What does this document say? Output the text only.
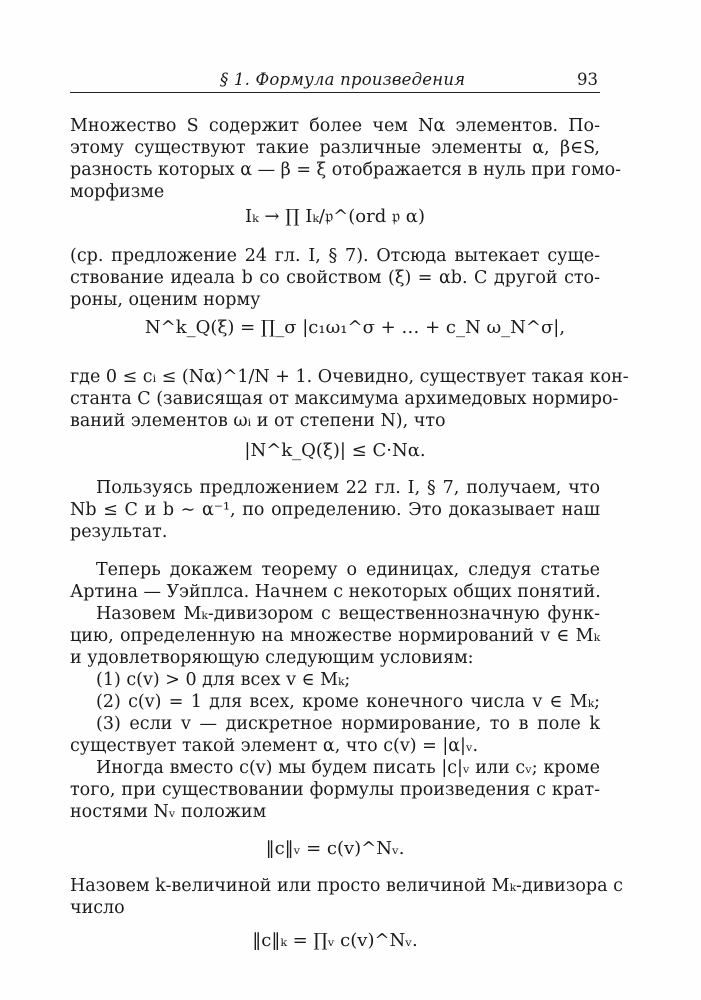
§ 1. Формула произведения	93
Множество S содержит более чем Nα элементов. По-
этому существуют такие различные элементы α, β∈S,
разность которых α — β = ξ отображается в нуль при гомо-
морфизме
Iₖ → ∏ Iₖ/𝔭^(ord 𝔭 α)
(ср. предложение 24 гл. I, § 7). Отсюда вытекает суще-
ствование идеала b со свойством (ξ) = αb. С другой сто-
роны, оценим норму
N^k_Q(ξ) = ∏_σ |c₁ω₁^σ + … + c_N ω_N^σ|,
где 0 ≤ cᵢ ≤ (Nα)^1/N + 1. Очевидно, существует такая кон-
станта C (зависящая от максимума архимедовых нормиро-
ваний элементов ωᵢ и от степени N), что
|N^k_Q(ξ)| ≤ C·Nα.
Пользуясь предложением 22 гл. I, § 7, получаем, что
Nb ≤ C и b ∼ α⁻¹, по определению. Это доказывает наш
результат.
Теперь докажем теорему о единицах, следуя статье
Артина — Уэйплса. Начнем с некоторых общих понятий.
Назовем Mₖ-дивизором c вещественнозначную функ-
цию, определенную на множестве нормирований v ∈ Mₖ
и удовлетворяющую следующим условиям:
(1) c(v) > 0 для всех v ∈ Mₖ;
(2) c(v) = 1 для всех, кроме конечного числа v ∈ Mₖ;
(3) если v — дискретное нормирование, то в поле k
существует такой элемент α, что c(v) = |α|ᵥ.
Иногда вместо c(v) мы будем писать |c|ᵥ или cᵥ; кроме
того, при существовании формулы произведения с крат-
ностями Nᵥ положим
‖c‖ᵥ = c(v)^Nᵥ.
Назовем k-величиной или просто величиной Mₖ-дивизора c
число
‖c‖ₖ = ∏ᵥ c(v)^Nᵥ.
